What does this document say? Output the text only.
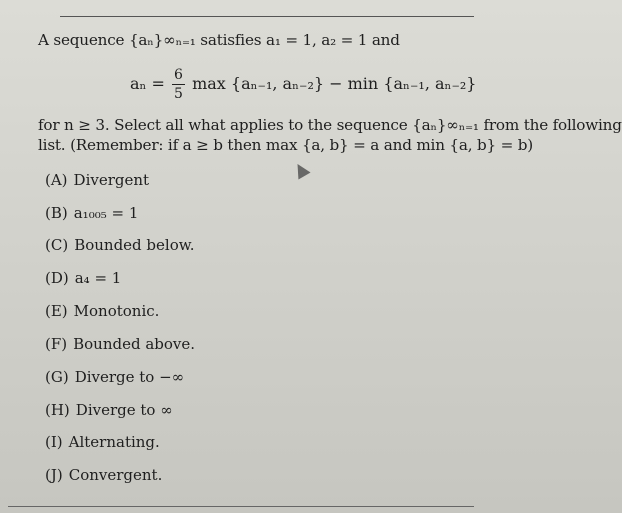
A sequence {aₙ}∞ₙ₌₁ satisfies a₁ = 1, a₂ = 1 and
$a_n = \frac{6}{5}$ max {aₙ₋₁, aₙ₋₂} − min {aₙ₋₁, aₙ₋₂}
for n ≥ 3. Select all what applies to the sequence {aₙ}∞ₙ₌₁ from the following
list. (Remember: if a ≥ b then max {a, b} = a and min {a, b} = b)
(A) Divergent
(B) a₁₀₀₅ = 1
(C) Bounded below.
(D) a₄ = 1
(E) Monotonic.
(F) Bounded above.
(G) Diverge to −∞
(H) Diverge to ∞
(I) Alternating.
(J) Convergent.
